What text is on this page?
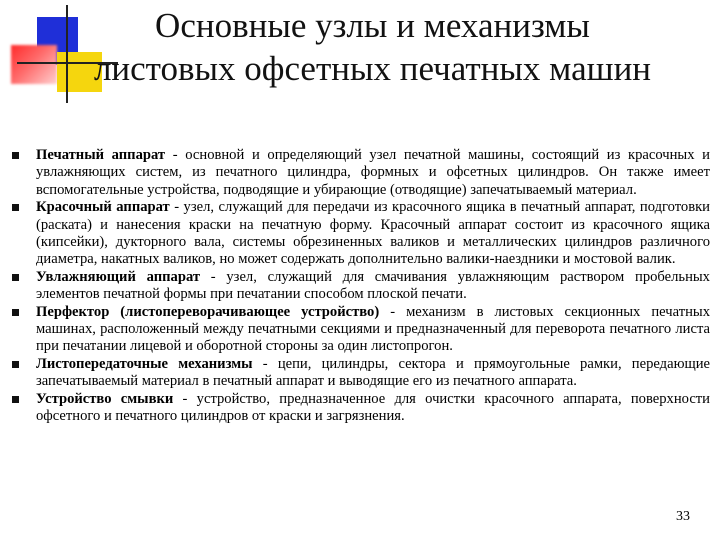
Основные узлы и механизмы листовых офсетных печатных машин
Печатный аппарат - основной и определяющий узел печатной машины, состоящий из красочных и увлажняющих систем, из печатного цилиндра, формных и офсетных цилиндров. Он также имеет вспомогательные устройства, подводящие и убирающие (отводящие) запечатываемый материал.
Красочный аппарат - узел, служащий для передачи из красочного ящика в печатный аппарат, подготовки (раската) и нанесения краски на печатную форму. Красочный аппарат состоит из красочного ящика (кипсейки), дукторного вала, системы обрезиненных валиков и металлических цилиндров различного диаметра, накатных валиков, но может содержать дополнительно валики-наездники и мостовой валик.
Увлажняющий аппарат - узел, служащий для смачивания увлажняющим раствором пробельных элементов печатной формы при печатании способом плоской печати.
Перфектор (листопереворачивающее устройство) - механизм в листовых секционных печатных машинах, расположенный между печатными секциями и предназначенный для переворота печатного листа при печатании лицевой и оборотной стороны за один листопрогон.
Листопередаточные механизмы - цепи, цилиндры, сектора и прямоугольные рамки, передающие запечатываемый материал в печатный аппарат и выводящие его из печатного аппарата.
Устройство смывки - устройство, предназначенное для очистки красочного аппарата, поверхности офсетного и печатного цилиндров от краски и загрязнения.
33
